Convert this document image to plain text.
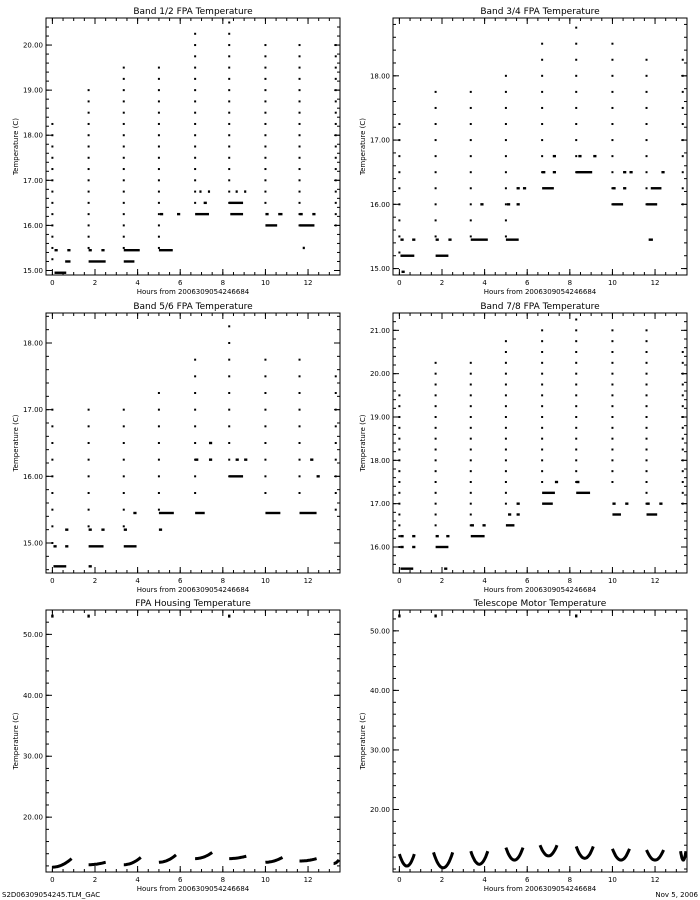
S2D06309054245.TLM_GAC	Nov 5, 2006
Band 1/2 FPA Temperature
0	2	4	6	8	10	12
15.00
16.00
17.00
18.00
19.00
20.00
Hours from 2006309054246684
Temperature (C)
Band 3/4 FPA Temperature
0	2	4	6	8	10	12
15.00
16.00
17.00
18.00
Hours from 2006309054246684
Temperature (C)
Band 5/6 FPA Temperature
0	2	4	6	8	10	12
15.00
16.00
17.00
18.00
Hours from 2006309054246684
Temperature (C)
Band 7/8 FPA Temperature
0	2	4	6	8	10	12
16.00
17.00
18.00
19.00
20.00
21.00
Hours from 2006309054246684
Temperature (C)
FPA Housing Temperature
0	2	4	6	8	10	12
20.00
30.00
40.00
50.00
Hours from 2006309054246684
Temperature (C)
Telescope Motor Temperature
0	2	4	6	8	10	12
20.00
30.00
40.00
50.00
Hours from 2006309054246684
Temperature (C)
